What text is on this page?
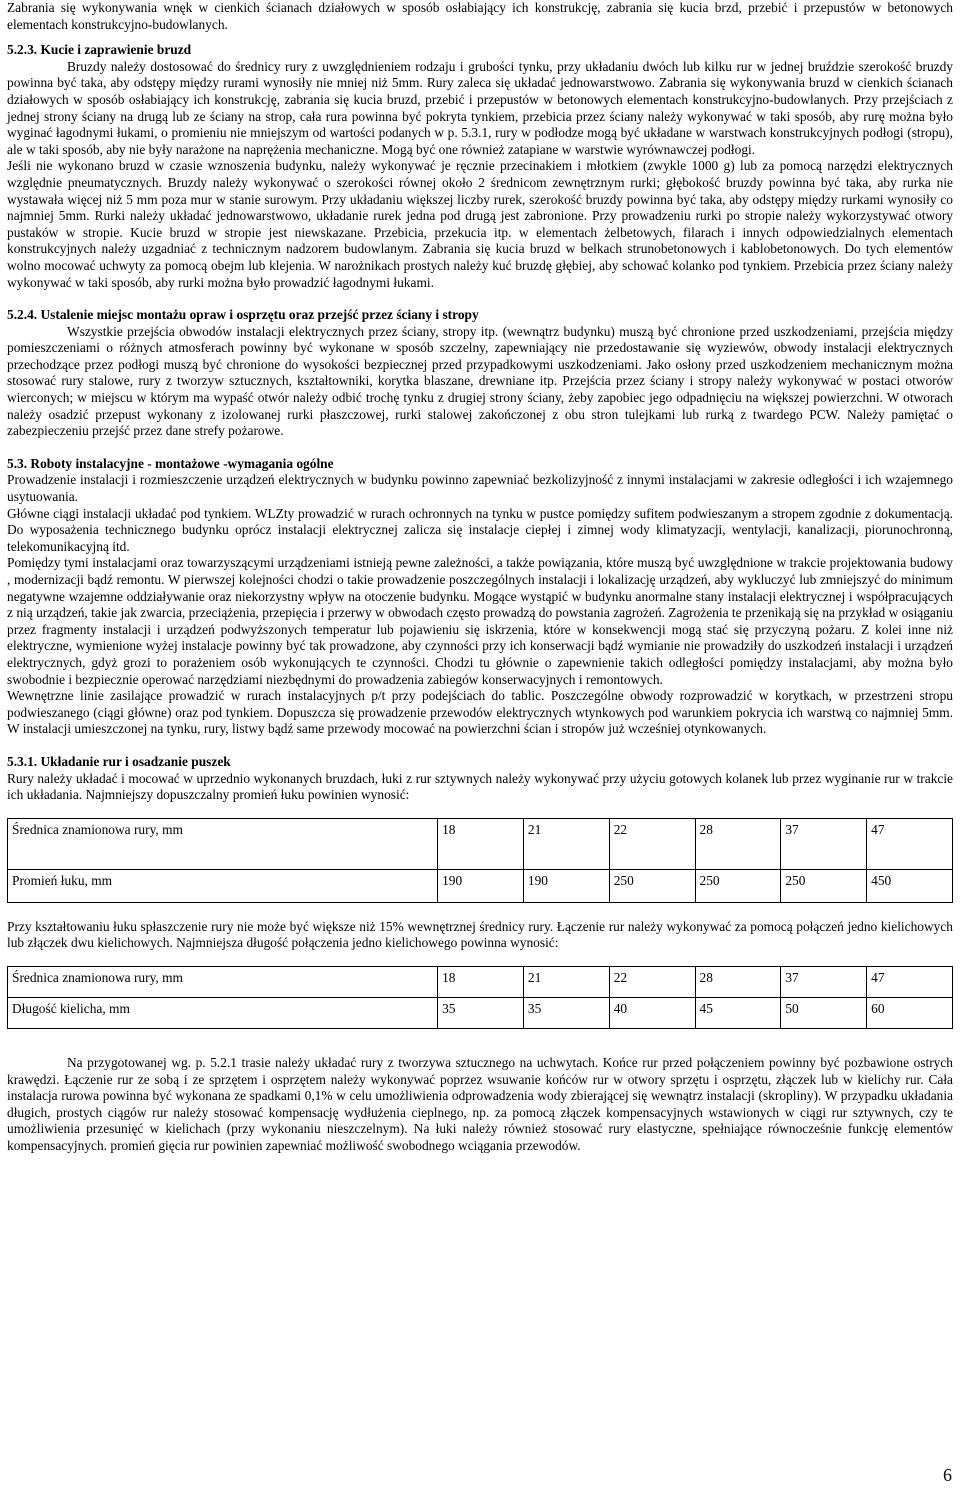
Zabrania się wykonywania wnęk w cienkich ścianach działowych w sposób osłabiający ich konstrukcję, zabrania się kucia brzd, przebić i przepustów w betonowych elementach konstrukcyjno-budowlanych.

5.2.3. Kucie i zaprawienie bruzd

Bruzdy należy dostosować do średnicy rury z uwzględnieniem rodzaju i grubości tynku, przy układaniu dwóch lub kilku rur w jednej bruździe szerokość bruzdy powinna być taka, aby odstępy między rurami wynosiły nie mniej niż 5mm. Rury zaleca się układać jednowarstwowo. Zabrania się wykonywania bruzd w cienkich ścianach działowych w sposób osłabiający ich konstrukcję, zabrania się kucia bruzd, przebić i przepustów w betonowych elementach konstrukcyjno-budowlanych. Przy przejściach z jednej strony ściany na drugą lub ze ściany na strop, cała rura powinna być pokryta tynkiem, przebicia przez ściany należy wykonywać w taki sposób, aby rurę można było wyginać łagodnymi łukami, o promieniu nie mniejszym od wartości podanych w p. 5.3.1, rury w podłodze mogą być układane w warstwach konstrukcyjnych podłogi (stropu), ale w taki sposób, aby nie były narażone na naprężenia mechaniczne. Mogą być one również zatapiane w warstwie wyrównawczej podłogi.

Jeśli nie wykonano bruzd w czasie wznoszenia budynku, należy wykonywać je ręcznie przecinakiem i młotkiem (zwykle 1000 g) lub za pomocą narzędzi elektrycznych względnie pneumatycznych. Bruzdy należy wykonywać o szerokości równej około 2 średnicom zewnętrznym rurki; głębokość bruzdy powinna być taka, aby rurka nie wystawała więcej niż 5 mm poza mur w stanie surowym. Przy układaniu większej liczby rurek, szerokość bruzdy powinna być taka, aby odstępy między rurkami wynosiły co najmniej 5mm. Rurki należy układać jednowarstwowo, układanie rurek jedna pod drugą jest zabronione. Przy prowadzeniu rurki po stropie należy wykorzystywać otwory pustaków w stropie. Kucie bruzd w stropie jest niewskazane. Przebicia, przekucia itp. w elementach żelbetowych, filarach i innych odpowiedzialnych elementach konstrukcyjnych należy uzgadniać z technicznym nadzorem budowlanym. Zabrania się kucia bruzd w belkach strunobetonowych i kablobetonowych. Do tych elementów wolno mocować uchwyty za pomocą obejm lub klejenia. W narożnikach prostych należy kuć bruzdę głębiej, aby schować kolanko pod tynkiem. Przebicia przez ściany należy wykonywać w taki sposób, aby rurki można było prowadzić łagodnymi łukami.

5.2.4. Ustalenie miejsc montażu opraw i osprzętu oraz przejść przez ściany i stropy

Wszystkie przejścia obwodów instalacji elektrycznych przez ściany, stropy itp. (wewnątrz budynku) muszą być chronione przed uszkodzeniami, przejścia między pomieszczeniami o różnych atmosferach powinny być wykonane w sposób szczelny, zapewniający nie przedostawanie się wyziewów, obwody instalacji elektrycznych przechodzące przez podłogi muszą być chronione do wysokości bezpiecznej przed przypadkowymi uszkodzeniami. Jako osłony przed uszkodzeniem mechanicznym można stosować rury stalowe, rury z tworzyw sztucznych, kształtowniki, korytka blaszane, drewniane itp. Przejścia przez ściany i stropy należy wykonywać w postaci otworów wierconych; w miejscu w którym ma wypaść otwór należy odbić trochę tynku z drugiej strony ściany, żeby zapobiec jego odpadnięciu na większej powierzchni. W otworach należy osadzić przepust wykonany z izolowanej rurki płaszczowej, rurki stalowej zakończonej z obu stron tulejkami lub rurką z twardego PCW. Należy pamiętać o zabezpieczeniu przejść przez dane strefy pożarowe.

5.3. Roboty instalacyjne - montażowe -wymagania ogólne

Prowadzenie instalacji i rozmieszczenie urządzeń elektrycznych w budynku powinno zapewniać bezkolizyjność z innymi instalacjami w zakresie odległości i ich wzajemnego usytuowania.

Główne ciągi instalacji układać pod tynkiem. WLZty prowadzić w rurach ochronnych na tynku w pustce pomiędzy sufitem podwieszanym a stropem zgodnie z dokumentacją. Do wyposażenia technicznego budynku oprócz instalacji elektrycznej zalicza się instalacje ciepłej i zimnej wody klimatyzacji, wentylacji, kanalizacji, piorunochronną, telekomunikacyjną itd.

Pomiędzy tymi instalacjami oraz towarzyszącymi urządzeniami istnieją pewne zależności, a także powiązania, które muszą być uwzględnione w trakcie projektowania budowy , modernizacji bądź remontu. W pierwszej kolejności chodzi o takie prowadzenie poszczególnych instalacji i lokalizację urządzeń, aby wykluczyć lub zmniejszyć do minimum negatywne wzajemne oddziaływanie oraz niekorzystny wpływ na otoczenie budynku. Mogące wystąpić w budynku anormalne stany instalacji elektrycznej i współpracujących z nią urządzeń, takie jak zwarcia, przeciążenia, przepięcia i przerwy w obwodach często prowadzą do powstania zagrożeń. Zagrożenia te przenikają się na przykład w osiąganiu przez fragmenty instalacji i urządzeń podwyższonych temperatur lub pojawieniu się iskrzenia, które w konsekwencji mogą stać się przyczyną pożaru. Z kolei inne niż elektryczne, wymienione wyżej instalacje powinny być tak prowadzone, aby czynności przy ich konserwacji bądź wymianie nie prowadziły do uszkodzeń instalacji i urządzeń elektrycznych, gdyż grozi to porażeniem osób wykonujących te czynności. Chodzi tu głównie o zapewnienie takich odległości pomiędzy instalacjami, aby można było swobodnie i bezpiecznie operować narzędziami niezbędnymi do prowadzenia zabiegów konserwacyjnych i remontowych.

Wewnętrzne linie zasilające prowadzić w rurach instalacyjnych p/t przy podejściach do tablic. Poszczególne obwody rozprowadzić w korytkach, w przestrzeni stropu podwieszanego (ciągi główne) oraz pod tynkiem. Dopuszcza się prowadzenie przewodów elektrycznych wtynkowych pod warunkiem pokrycia ich warstwą co najmniej 5mm. W instalacji umieszczonej na tynku, rury, listwy bądź same przewody mocować na powierzchni ścian i stropów już wcześniej otynkowanych.

5.3.1. Układanie rur i osadzanie puszek

Rury należy układać i mocować w uprzednio wykonanych bruzdach, łuki z rur sztywnych należy wykonywać przy użyciu gotowych kolanek lub przez wyginanie rur w trakcie ich układania. Najmniejszy dopuszczalny promień łuku powinien wynosić:

Średnica znamionowa rury, mm	18	21	22	28	37	47
Promień łuku, mm	190	190	250	250	250	450

Przy kształtowaniu łuku spłaszczenie rury nie może być większe niż 15% wewnętrznej średnicy rury. Łączenie rur należy wykonywać za pomocą połączeń jedno kielichowych lub złączek dwu kielichowych. Najmniejsza długość połączenia jedno kielichowego powinna wynosić:

Średnica znamionowa rury, mm	18	21	22	28	37	47
Długość kielicha, mm	35	35	40	45	50	60

Na przygotowanej wg. p. 5.2.1 trasie należy układać rury z tworzywa sztucznego na uchwytach. Końce rur przed połączeniem powinny być pozbawione ostrych krawędzi. Łączenie rur ze sobą i ze sprzętem i osprzętem należy wykonywać poprzez wsuwanie końców rur w otwory sprzętu i osprzętu, złączek lub w kielichy rur. Cała instalacja rurowa powinna być wykonana ze spadkami 0,1% w celu umożliwienia odprowadzenia wody zbierającej się wewnątrz instalacji (skropliny). W przypadku układania długich, prostych ciągów rur należy stosować kompensację wydłużenia cieplnego, np. za pomocą złączek kompensacyjnych wstawionych w ciągi rur sztywnych, czy te umożliwienia przesunięć w kielichach (przy wykonaniu nieszczelnym). Na łuki należy również stosować rury elastyczne, spełniające równocześnie funkcję elementów kompensacyjnych. promień gięcia rur powinien zapewniać możliwość swobodnego wciągania przewodów.

6
